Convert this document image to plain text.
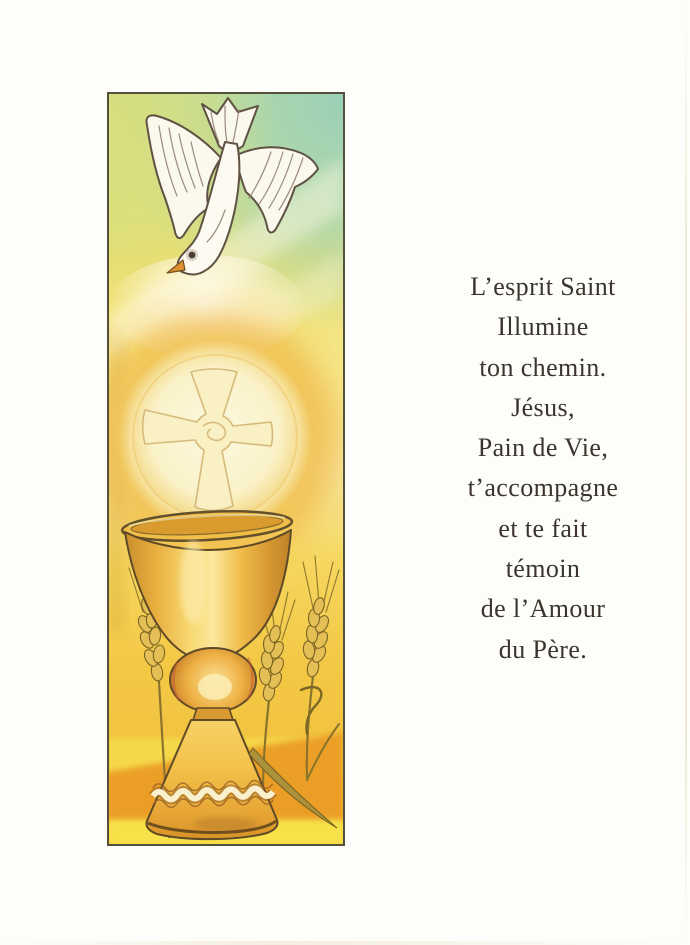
L’esprit Saint
Illumine
ton chemin.
Jésus,
Pain de Vie,
t’accompagne
et te fait
témoin
de l’Amour
du Père.
